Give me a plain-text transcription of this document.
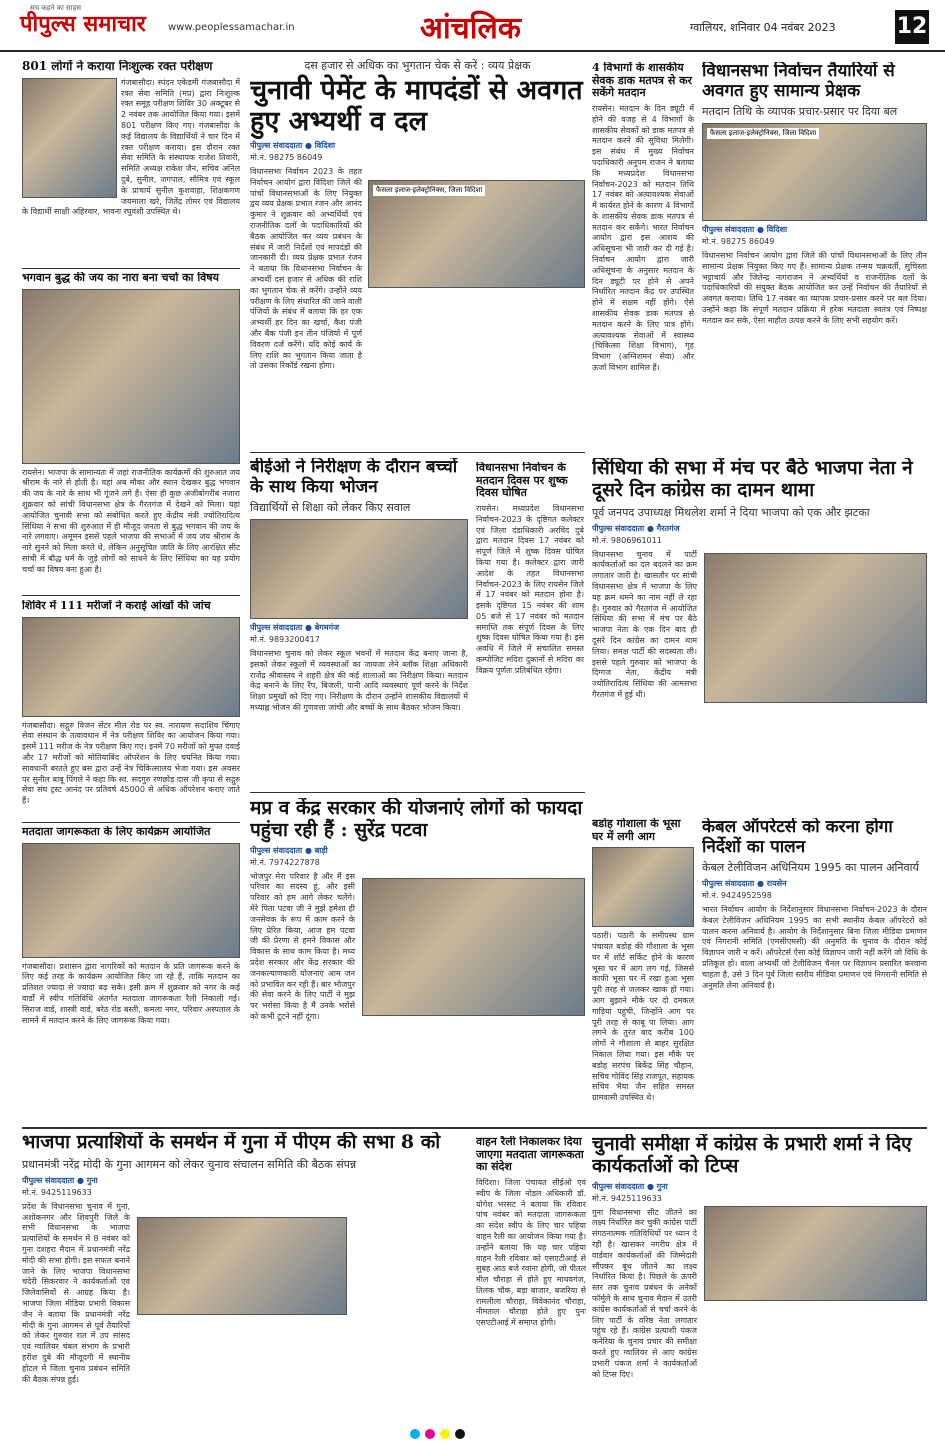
सच कहने का साहस
पीपुल्स समाचार www.peoplessamachar.in	आंचलिक	ग्वालियर, शनिवार 04 नवंबर 2023	12
801 लोगों ने कराया निःशुल्क रक्त परीक्षण
गंजबासौदा। स्पंदन एकेडमी गंजबासौदा में रक्त सेवा समिति (मप्र) द्वारा निःशुल्क रक्त समूह परीक्षण शिविर 30 अक्टूबर से 2 नवंबर तक आयोजित किया गया। इसमें 801 परीक्षण किए गए। गंजबासौदा के कई विद्यालय के विद्यार्थियों ने चार दिन में रक्त परीक्षण कराया। इस दौरान रक्त सेवा समिति के संस्थापक राजेश तिवारी, समिति अध्यक्ष राकेश जैन, सचिव अनिल दुबे, सुनील, जगपाल, सौमित्र एवं स्कूल के प्राचार्य सुनील कुशवाहा, शिक्षकगण जयमाला खरे, जितेंद्र तोमर एवं विद्यालय के विद्यार्थी साक्षी अहिरवार, भावना रघुवंशी उपस्थित थे।
भगवान बुद्ध की जय का नारा बना चर्चा का विषय
रायसेन। भाजपा के सामान्यतः में जहां राजनीतिक कार्यक्रमों की शुरुआत जय श्रीराम के नारे से होती है। वहां अब मौका और स्थान देखकर बुद्ध भगवान की जय के नारे के साथ भी गूंजने लगे हैं। ऐसा ही कुछ अजीबोगरीब नजारा शुक्रवार को सांची विधानसभा क्षेत्र के गैरतगंज में देखने को मिला। यहां आयोजित चुनावी सभा को संबोधित करते हुए केंद्रीय मंत्री ज्योतिरादित्य सिंधिया ने सभा की शुरुआत में ही मौजूद जनता से बुद्ध भगवान की जय के नारे लगवाए। अमूमन इससे पहले भाजपा की सभाओं में जय जय श्रीराम के नारे सुनने को मिला करते थे, लेकिन अनुसूचित जाति के लिए आरक्षित सीट सांची में बौद्ध धर्म के जुड़े लोगों को साधने के लिए सिंधिया का यह प्रयोग चर्चा का विषय बना हुआ है।
शिविर में 111 मरीजों ने कराई आंखों की जांच
गंजबासौदा। सद्गुरु विजन सेंटर मील रोड पर स्व. नारायण सदाशिव चिंगाए सेवा संस्थान के तत्वावधान में नेत्र परीक्षण शिविर का आयोजन किया गया। इसमें 111 मरीज के नेत्र परीक्षण किए गए। इनमें 70 मरीजों को मुफ्त दवाई और 17 मरीजों को मोतियाबिंद ऑपरेशन के लिए चयनित किया गया। सावधानी बरतते हुए बस द्वारा उन्हें नेत्र चिकित्सालय भेजा गया। इस अवसर पर सुनील बाबू पिंगले ने कहा कि स्व. सदगुरु रणछोड़ दास जी कृपा से सद्गुरु सेवा संघ ट्रस्ट आनंद पर प्रतिवर्ष 45000 से अधिक ऑपरेशन कराए जाते हैं।
मतदाता जागरूकता के लिए कार्यक्रम आयोजित
गंजबासौदा। प्रशासन द्वारा नागरिकों को मतदान के प्रति जागरूक करने के लिए कई तरह के कार्यक्रम आयोजित किए जा रहे हैं, ताकि मतदान का प्रतिशत ज्यादा से ज्यादा बढ़ सके। इसी क्रम में शुक्रवार को नगर के कई वार्डों में स्वीप गतिविधि अंतर्गत मतदाता जागरूकता रैली निकाली गई। सिराज वार्ड, शास्त्री वार्ड, बरेठ रोड बस्ती, कमला नगर, परिवार अस्पताल के सामने में मतदान करने के लिए जागरूक किया गया।
दस हजार से अधिक का भुगतान चेक से करें : व्यय प्रेक्षक
चुनावी पेमेंट के मापदंडों से अवगत हुए अभ्यर्थी व दल
पीपुल्स संवाददाता ● विदिशा
मो.नं. 98275 86049
फैसला इलाज-इलेक्ट्रोनिक्स, जिला विदिशा
विधानसभा निर्वाचन 2023 के तहत निर्वाचन आयोग द्वारा विदिशा जिले की पांचों विधानसभाओं के लिए नियुक्त द्वय व्यय प्रेक्षक प्रभात रंजन और आनंद कुमार ने शुक्रवार को अभ्यर्थियों एवं राजनीतिक दलों के पदाधिकारियों की बैठक आयोजित कर व्यय प्रबंधन के संबंध में जारी निर्देशों एवं मापदंडों की जानकारी दी। व्यय प्रेक्षक प्रभात रंजन ने बताया कि विधानसभा निर्वाचन के अभ्यर्थी दस हजार से अधिक की राशि का भुगतान चेक से करेंगे। उन्होंने व्यय परीक्षण के लिए संधारित की जाने वाली पंजियों के संबंध में बताया कि हर एक अभ्यर्थी हर दिन का खर्चा, कैश पंजी और बैंक पंजी इन तीन पंजियों में पूर्ण विवरण दर्ज करेंगे। यदि कोई कार्य के लिए राशि का भुगतान किया जाता है तो उसका रिकॉर्ड रखना होगा।
4 विभागों के शासकीय सेवक डाक मतपत्र से कर सकेंगे मतदान
रायसेन। मतदान के दिन ड्यूटी में होने की वजह से 4 विभागों के शासकीय सेवकों को डाक मतपत्र से मतदान करने की सुविधा मिलेगी। इस संबंध में मुख्य निर्वाचन पदाधिकारी अनुपम राजन ने बताया कि मध्यप्रदेश विधानसभा निर्वाचन-2023 को मतदान तिथि 17 नवंबर को अत्यावश्यक सेवाओं में कार्यरत होने के कारण 4 विभागों के शासकीय सेवक डाक मतपत्र से मतदान कर सकेंगे। भारत निर्वाचन आयोग द्वारा इस आशय की अधिसूचना भी जारी कर दी गई है। निर्वाचन आयोग द्वारा जारी अधिसूचना के अनुसार मतदान के दिन ड्यूटी पर होने से अपने निर्धारित मतदान केंद्र पर उपस्थित होने में सक्षम नहीं होंगे। ऐसे शासकीय सेवक डाक मतपत्र से मतदान करने के लिए पात्र होंगे। अत्यावश्यक सेवाओं में स्वास्थ्य (चिकित्सा शिक्षा विभाग), गृह विभाग (अग्निशमन सेवा) और ऊर्जा विभाग शामिल हैं।
विधानसभा निर्वाचन तैयारियों से अवगत हुए सामान्य प्रेक्षक
मतदान तिथि के व्यापक प्रचार-प्रसार पर दिया बल
फैसला इलाज-इलेक्ट्रोनिक्स, जिला विदिशा
पीपुल्स संवाददाता ● विदिशा
मो.नं. 98275 86049
विधानसभा निर्वाचन आयोग द्वारा जिले की पांचों विधानसभाओं के लिए तीन सामान्य प्रेक्षक नियुक्त किए गए हैं। सामान्य प्रेक्षक तन्मय चक्रवर्ती, सुचिस्ता भट्टाचार्य और जितेन्द्र नागराजन ने अभ्यर्थियों व राजनीतिक दलों के पदाधिकारियों की संयुक्त बैठक आयोजित कर उन्हें निर्वाचन की तैयारियों से अवगत कराया। तिथि 17 नवंबर का व्यापक प्रचार-प्रसार करने पर बल दिया। उन्होंने कहा कि संपूर्ण मतदान प्रक्रिया में हरेक मतदाता स्वतंत्र एवं निष्पक्ष मतदान कर सके, ऐसा माहौल उत्पन्न करने के लिए सभी सहयोग करें।
बीईओ ने निरीक्षण के दौरान बच्चों के साथ किया भोजन
विद्यार्थियों से शिक्षा को लेकर किए सवाल
पीपुल्स संवाददाता ● बेगमगंज
मो.नं. 9893200417
विधानसभा चुनाव को लेकर स्कूल भवनों में मतदान केंद्र बनाए जाना है, इसको लेकर स्कूलों में व्यवस्थाओं का जायजा लेने ब्लॉक शिक्षा अधिकारी राजेंद्र श्रीवास्तव ने शहरी क्षेत्र की कई शालाओं का निरीक्षण किया। मतदान केंद्र बनाने के लिए रैंप, बिजली, पानी आदि व्यवस्थाएं पूर्ण करने के निर्देश शिक्षा प्रमुखों को दिए गए। निरीक्षण के दौरान उन्होंने शासकीय विद्यालयों में मध्याह्न भोजन की गुणवत्ता जांची और बच्चों के साथ बैठकर भोजन किया।
विधानसभा निर्वाचन के मतदान दिवस पर शुष्क दिवस घोषित
रायसेन। मध्यप्रदेश विधानसभा निर्वाचन-2023 के दृष्टिगत कलेक्टर एवं जिला दंडाधिकारी अरविंद दुबे द्वारा मतदान दिवस 17 नवंबर को संपूर्ण जिले में शुष्क दिवस घोषित किया गया है। कलेक्टर द्वारा जारी आदेश के तहत विधानसभा निर्वाचन-2023 के लिए रायसेन जिले में 17 नवंबर को मतदान होना है। इसके दृष्टिगत 15 नवंबर की शाम 05 बजे से 17 नवंबर को मतदान समाप्ति तक संपूर्ण दिवस के लिए शुष्क दिवस घोषित किया गया है। इस अवधि में जिले में संचालित समस्त कम्पोजिट मदिरा दुकानों से मदिरा का विक्रय पूर्णतः प्रतिबंधित रहेगा।
सिंधिया की सभा में मंच पर बैठे भाजपा नेता ने दूसरे दिन कांग्रेस का दामन थामा
पूर्व जनपद उपाध्यक्ष मिथलेश शर्मा ने दिया भाजपा को एक और झटका
पीपुल्स संवाददाता ● गैरतगंज
मो.नं. 9806961011
विधानसभा चुनाव में पार्टी कार्यकर्ताओं का दल बदलने का क्रम लगातार जारी है। खासतौर पर सांची विधानसभा क्षेत्र में भाजपा के लिए यह क्रम थमने का नाम नहीं ले रहा है। गुरुवार को गैरतगंज में आयोजित सिंधिया की सभा में मंच पर बैठे भाजपा नेता के एक दिन बाद ही दूसरे दिन कांग्रेस का दामन थाम लिया। समक्ष पार्टी की सदस्यता ली। इससे पहले गुरुवार को भाजपा के दिग्गज नेता, केंद्रीय मंत्री ज्योतिरादित्य सिंधिया की आमसभा गैरतगंज में हुई थी।
मप्र व केंद्र सरकार की योजनाएं लोगों को फायदा पहुंचा रही हैं : सुरेंद्र पटवा
पीपुल्स संवाददाता ● बाड़ी
मो.नं. 7974227878
भोजपुर मेरा परिवार है और मैं इस परिवार का सदस्य हूं, और इसी परिवार को हम आगे लेकर चलेंगे। मेरे पिता पटवा जी ने मुझे हमेशा ही जनसेवक के रूप में काम करने के लिए प्रेरित किया, आज हम पटवा जी की प्रेरणा से हमने विकास और विकास के साथ काम किया है। मध्य प्रदेश सरकार और केंद्र सरकार की जनकल्याणकारी योजनाएं आम जन को प्रभावित कर रही हैं। बार भोजपुर की सेवा करने के लिए पार्टी ने मुझ पर भरोसा किया है मैं उनके भरोसे को कभी टूटने नहीं दूंगा।
बडोह गोशाला के भूसा घर में लगी आग
पठारी। पठारी के समीपस्थ ग्राम पंचायत बडोह की गौशाला के भूसा घर में शॉर्ट सर्किट होने के कारण भूसा घर में आग लग गई, जिससे काफी भूसा घर में रखा हुआ भूसा पूरी तरह से जलकर खाक हो गया। आग बुझाने मौके पर दो दमकल गाड़ियां पहुंची, जिन्होंने आग पर पूरी तरह से काबू पा लिया। आग लगने के तुरंत बाद करीब 100 लोगों ने गौशाला से बाहर सुरक्षित निकाल लिया गया। इस मौके पर बडोह सरपंच बिकेंद्र सिंह चौहान, सचिव गोविंद सिंह राजपूत, सहायक सचिव भैया जैन सहित समस्त ग्रामवासी उपस्थित थे।
केबल ऑपरेटर्स को करना होगा निर्देशों का पालन
केबल टेलीविजन अधिनियम 1995 का पालन अनिवार्य
पीपुल्स संवाददाता ● रायसेन
मो.नं. 9424952598
भारत निर्वाचन आयोग के निर्देशानुसार विधानसभा निर्वाचन-2023 के दौरान केबल टेलीविजन अधिनियम 1995 का सभी स्थानीय केबल ऑपरेटरों को पालन करना अनिवार्य है। आयोग के निर्देशानुसार बिना जिला मीडिया प्रमाणन एवं निगरानी समिति (एमसीएमसी) की अनुमति के चुनाव के दौरान कोई विज्ञापन जारी न करें। ऑपरेटर्स ऐसा कोई विज्ञापन जारी नहीं करेंगे जो विधि के प्रतिकूल हो। वाला अभ्यर्थी जो टेलीविजन चैनल पर विज्ञापन प्रसारित करवाना चाहता है, उसे 3 दिन पूर्व जिला स्तरीय मीडिया प्रमाणन एवं निगरानी समिति से अनुमति लेना अनिवार्य है।
भाजपा प्रत्याशियों के समर्थन में गुना में पीएम की सभा 8 को
प्रधानमंत्री नरेंद्र मोदी के गुना आगमन को लेकर चुनाव संचालन समिति की बैठक संपन्न
पीपुल्स संवाददाता ● गुना
मो.नं. 9425119633
प्रदेश के विधानसभा चुनाव में गुना, अशोकनगर और शिवपुरी जिले के सभी विधानसभा के भाजपा प्रत्याशियों के समर्थन में 8 नवंबर को गुना दशहरा मैदान में प्रधानमंत्री नरेंद्र मोदी की सभा होगी। इस सफल बनाने जाने के लिए भाजपा विधानसभा चंदेरी सिकरवार ने कार्यकर्ताओं एवं जिलेवासियों से आग्रह किया है। भाजपा जिला मीडिया प्रभारी विकास जैन ने बताया कि प्रधानमंत्री नरेंद्र मोदी के गुना आगमन से पूर्व तैयारियों को लेकर गुरुवार रात में उप सांसद एवं ग्वालियर चंबल संभाग के प्रभारी हरीश दुबे की मौजूदगी में स्थानीय होटल में जिला चुनाव प्रबंधन समिति की बैठक संपन्न हुई।
वाहन रैली निकालकर दिया जाएगा मतदाता जागरूकता का संदेश
विदिशा। जिला पंचायत सीईओ एवं स्वीप के जिला नोडल अधिकारी डॉ. योगेश भरसट ने बताया कि रविवार पांच नवंबर को मतदाता जागरूकता का संदेश स्वीप के लिए चार पहिया वाहन रैली का आयोजन किया गया है। उन्होंने बताया कि यह चार पहिया वाहन रैली रविवार को एसएटीआई से सुबह आठ बजे रवाना होगी, जो पीतल मील चौराहा से होते हुए माधवगंज, तिलक चौक, बड़ा बाजार, बजरिया से रामलीला चौराहा, विवेकानंद चौराहा, नीमताल चौराहा होते हुए पुनः एसएटीआई में समाप्त होगी।
चुनावी समीक्षा में कांग्रेस के प्रभारी शर्मा ने दिए कार्यकर्ताओं को टिप्स
पीपुल्स संवाददाता ● गुना
मो.नं. 9425119633
गुना विधानसभा सीट जीतने का लक्ष्य निर्धारित कर चुकी कांग्रेस पार्टी संगठनात्मक गतिविधियों पर ध्यान दे रही है। खासकर नगरीय क्षेत्र में वार्डवार कार्यकर्ताओं की जिम्मेदारी सौंपकर बूथ जीतने का लक्ष्य निर्धारित किया है। पिछले के ऊपरी स्तर तक चुनाव प्रबंधन के अनेकों फॉर्मूले के साथ चुनाव मैदान में उतरी कांग्रेस कार्यकर्ताओं से चर्चा करने के लिए पार्टी के वरिष्ठ नेता लगातार पहुंच रहे हैं। कांग्रेस प्रत्याशी पंकज कनेरिया के चुनाव प्रचार की समीक्षा करते हुए ग्वालियर से आए कांग्रेस प्रभारी पंकज शर्मा ने कार्यकर्ताओं को टिप्स दिए।
